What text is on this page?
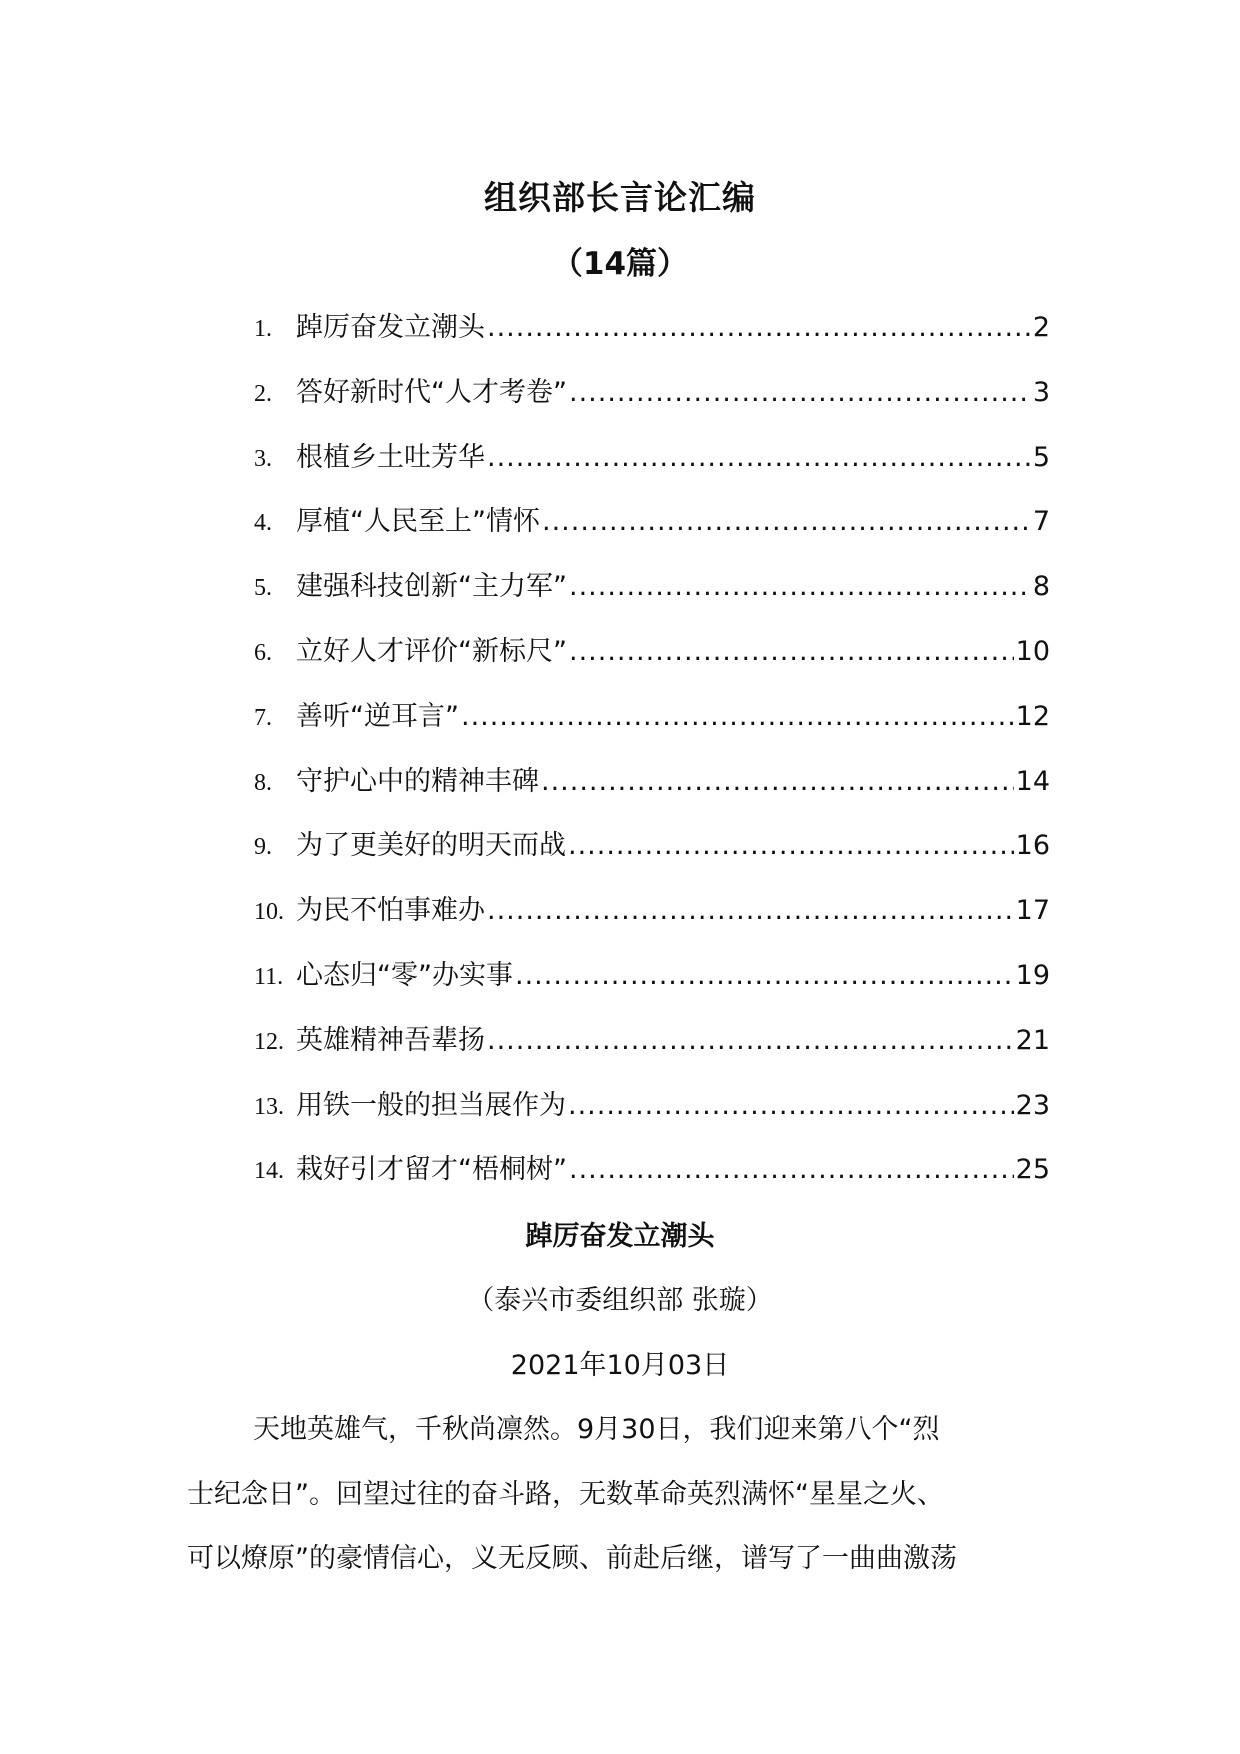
组织部长言论汇编
（14篇）
1. 踔厉奋发立潮头 .....	2
2. 答好新时代“人才考卷” .....	3
3. 根植乡土吐芳华 .....	5
4. 厚植“人民至上”情怀 .....	7
5. 建强科技创新“主力军” .....	8
6. 立好人才评价“新标尺” .....	10
7. 善听“逆耳言” .....	12
8. 守护心中的精神丰碑 .....	14
9. 为了更美好的明天而战 .....	16
10. 为民不怕事难办 .....	17
11. 心态归“零”办实事 .....	19
12. 英雄精神吾辈扬 .....	21
13. 用铁一般的担当展作为 .....	23
14. 栽好引才留才“梧桐树” .....	25
踔厉奋发立潮头
（泰兴市委组织部 张璇）
2021年10月03日
天地英雄气，千秋尚凛然。9月30日，我们迎来第八个“烈
士纪念日”。回望过往的奋斗路，无数革命英烈满怀“星星之火、
可以燎原”的豪情信心，义无反顾、前赴后继，谱写了一曲曲激荡
